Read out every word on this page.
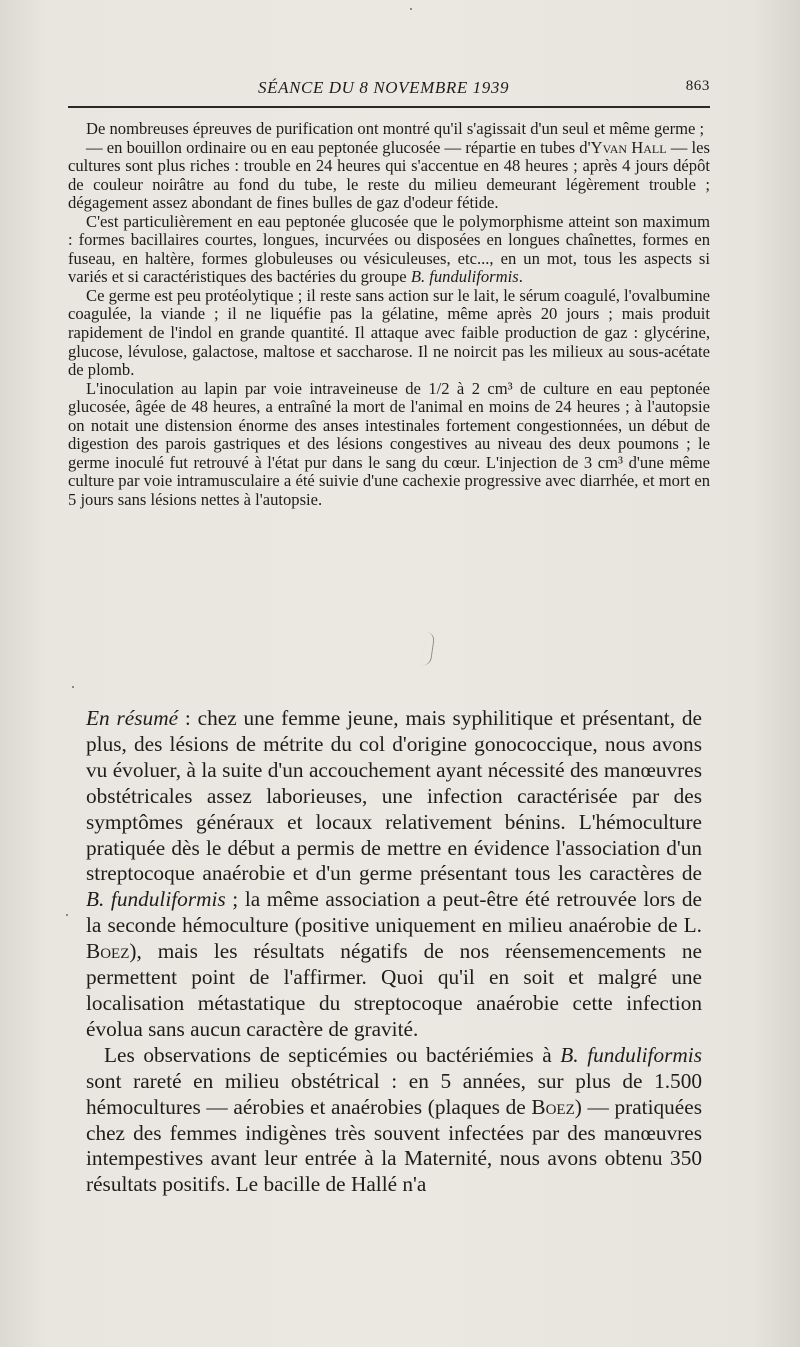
SÉANCE DU 8 NOVEMBRE 1939	863

De nombreuses épreuves de purification ont montré qu'il s'agissait d'un seul et même germe ;

— en bouillon ordinaire ou en eau peptonée glucosée — répartie en tubes d'Yvan Hall — les cultures sont plus riches : trouble en 24 heures qui s'accentue en 48 heures ; après 4 jours dépôt de couleur noirâtre au fond du tube, le reste du milieu demeurant légèrement trouble ; dégagement assez abondant de fines bulles de gaz d'odeur fétide.

C'est particulièrement en eau peptonée glucosée que le polymorphisme atteint son maximum : formes bacillaires courtes, longues, incurvées ou disposées en longues chaînettes, formes en fuseau, en haltère, formes globuleuses ou vésiculeuses, etc..., en un mot, tous les aspects si variés et si caractéristiques des bactéries du groupe B. funduliformis.

Ce germe est peu protéolytique ; il reste sans action sur le lait, le sérum coagulé, l'ovalbumine coagulée, la viande ; il ne liquéfie pas la gélatine, même après 20 jours ; mais produit rapidement de l'indol en grande quantité. Il attaque avec faible production de gaz : glycérine, glucose, lévulose, galactose, maltose et saccharose. Il ne noircit pas les milieux au sous-acétate de plomb.

L'inoculation au lapin par voie intraveineuse de 1/2 à 2 cm³ de culture en eau peptonée glucosée, âgée de 48 heures, a entraîné la mort de l'animal en moins de 24 heures ; à l'autopsie on notait une distension énorme des anses intestinales fortement congestionnées, un début de digestion des parois gastriques et des lésions congestives au niveau des deux poumons ; le germe inoculé fut retrouvé à l'état pur dans le sang du cœur. L'injection de 3 cm³ d'une même culture par voie intramusculaire a été suivie d'une cachexie progressive avec diarrhée, et mort en 5 jours sans lésions nettes à l'autopsie.

En résumé : chez une femme jeune, mais syphilitique et présentant, de plus, des lésions de métrite du col d'origine gonococcique, nous avons vu évoluer, à la suite d'un accouchement ayant nécessité des manœuvres obstétricales assez laborieuses, une infection caractérisée par des symptômes généraux et locaux relativement bénins. L'hémoculture pratiquée dès le début a permis de mettre en évidence l'association d'un streptocoque anaérobie et d'un germe présentant tous les caractères de B. funduliformis ; la même association a peut-être été retrouvée lors de la seconde hémoculture (positive uniquement en milieu anaérobie de L. Boez), mais les résultats négatifs de nos réensemencements ne permettent point de l'affirmer. Quoi qu'il en soit et malgré une localisation métastatique du streptocoque anaérobie cette infection évolua sans aucun caractère de gravité.

Les observations de septicémies ou bactériémies à B. funduliformis sont rareté en milieu obstétrical : en 5 années, sur plus de 1.500 hémocultures — aérobies et anaérobies (plaques de Boez) — pratiquées chez des femmes indigènes très souvent infectées par des manœuvres intempestives avant leur entrée à la Maternité, nous avons obtenu 350 résultats positifs. Le bacille de Hallé n'a
